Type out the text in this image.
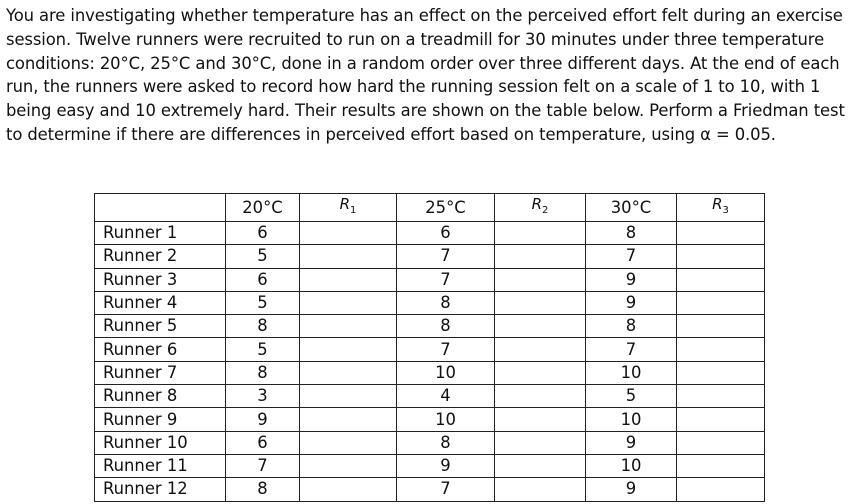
You are investigating whether temperature has an effect on the perceived effort felt during an exercise session. Twelve runners were recruited to run on a treadmill for 30 minutes under three temperature conditions: 20°C, 25°C and 30°C, done in a random order over three different days. At the end of each run, the runners were asked to record how hard the running session felt on a scale of 1 to 10, with 1 being easy and 10 extremely hard. Their results are shown on the table below. Perform a Friedman test to determine if there are differences in perceived effort based on temperature, using α = 0.05.

	20°C	$R_1$	25°C	$R_2$	30°C	$R_3$
Runner 1	6		6		8	
Runner 2	5		7		7	
Runner 3	6		7		9	
Runner 4	5		8		9	
Runner 5	8		8		8	
Runner 6	5		7		7	
Runner 7	8		10		10	
Runner 8	3		4		5	
Runner 9	9		10		10	
Runner 10	6		8		9	
Runner 11	7		9		10	
Runner 12	8		7		9	
